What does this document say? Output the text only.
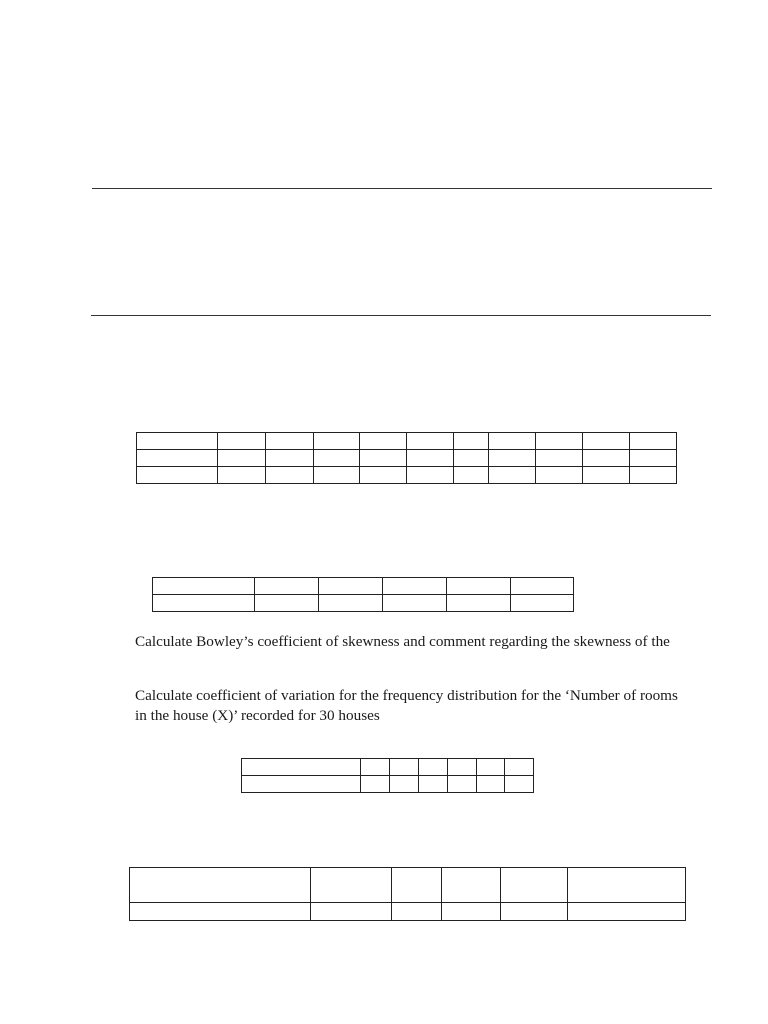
Calculate Bowley’s coefficient of skewness and comment regarding the skewness of the

Calculate coefficient of variation for the frequency distribution for the ‘Number of rooms
in the house (X)’ recorded for 30 houses
